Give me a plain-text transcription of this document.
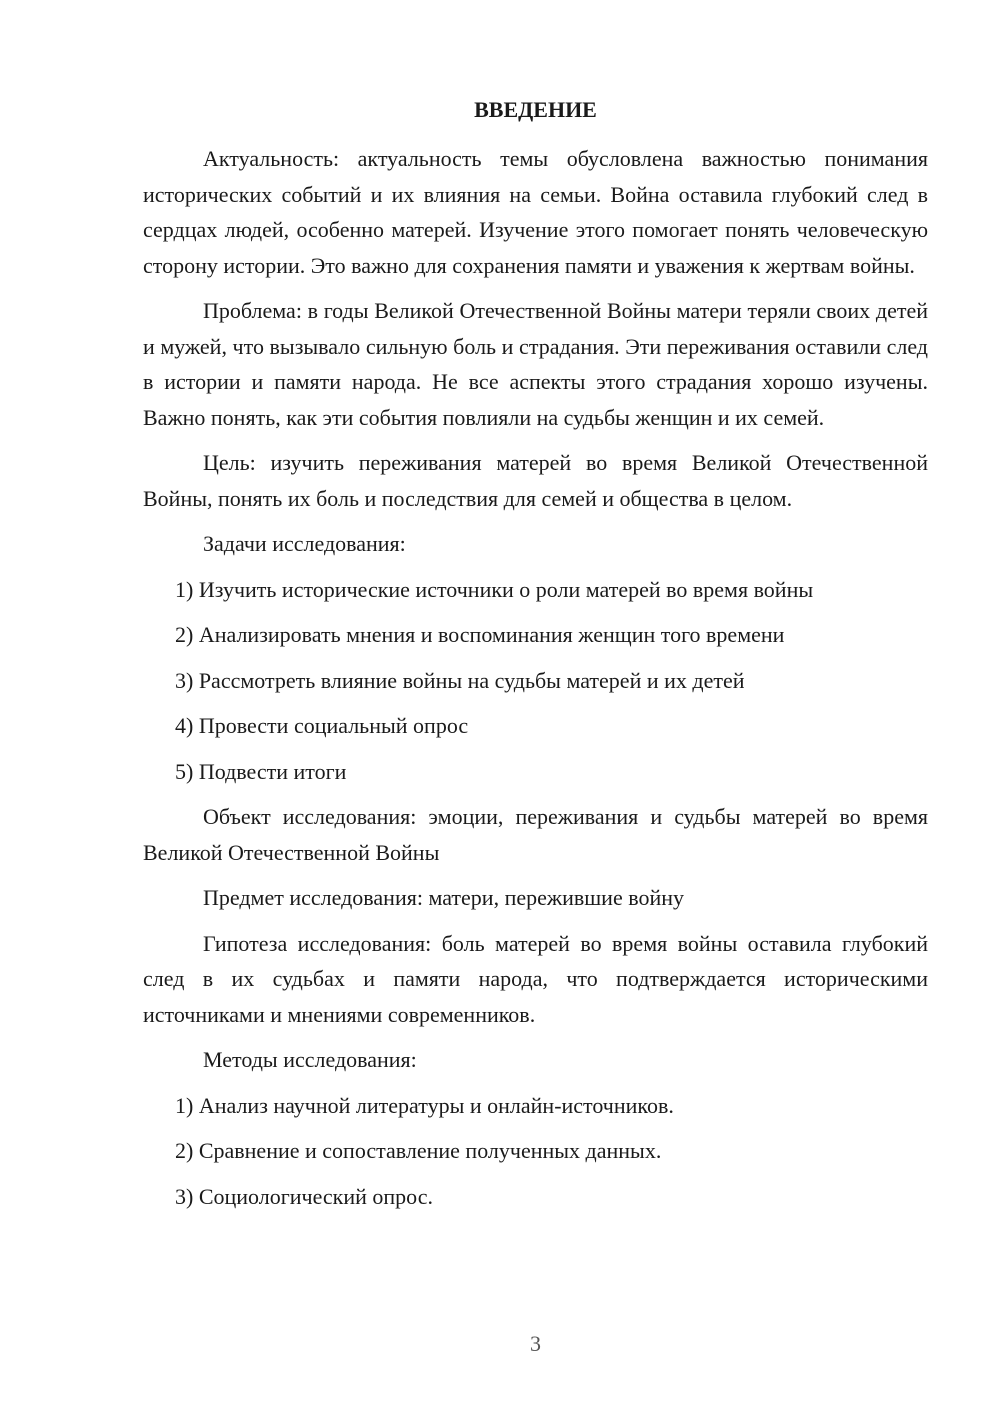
ВВЕДЕНИЕ

Актуальность: актуальность темы обусловлена важностью понимания исторических событий и их влияния на семьи. Война оставила глубокий след в сердцах людей, особенно матерей. Изучение этого помогает понять человеческую сторону истории. Это важно для сохранения памяти и уважения к жертвам войны.

Проблема: в годы Великой Отечественной Войны матери теряли своих детей и мужей, что вызывало сильную боль и страдания. Эти переживания оставили след в истории и памяти народа. Не все аспекты этого страдания хорошо изучены. Важно понять, как эти события повлияли на судьбы женщин и их семей.

Цель: изучить переживания матерей во время Великой Отечественной Войны, понять их боль и последствия для семей и общества в целом.

Задачи исследования:

1) Изучить исторические источники о роли матерей во время войны
2) Анализировать мнения и воспоминания женщин того времени
3) Рассмотреть влияние войны на судьбы матерей и их детей
4) Провести социальный опрос
5) Подвести итоги

Объект исследования: эмоции, переживания и судьбы матерей во время Великой Отечественной Войны

Предмет исследования: матери, пережившие войну

Гипотеза исследования: боль матерей во время войны оставила глубокий след в их судьбах и памяти народа, что подтверждается историческими источниками и мнениями современников.

Методы исследования:

1) Анализ научной литературы и онлайн-источников.
2) Сравнение и сопоставление полученных данных.
3) Социологический опрос.
3
